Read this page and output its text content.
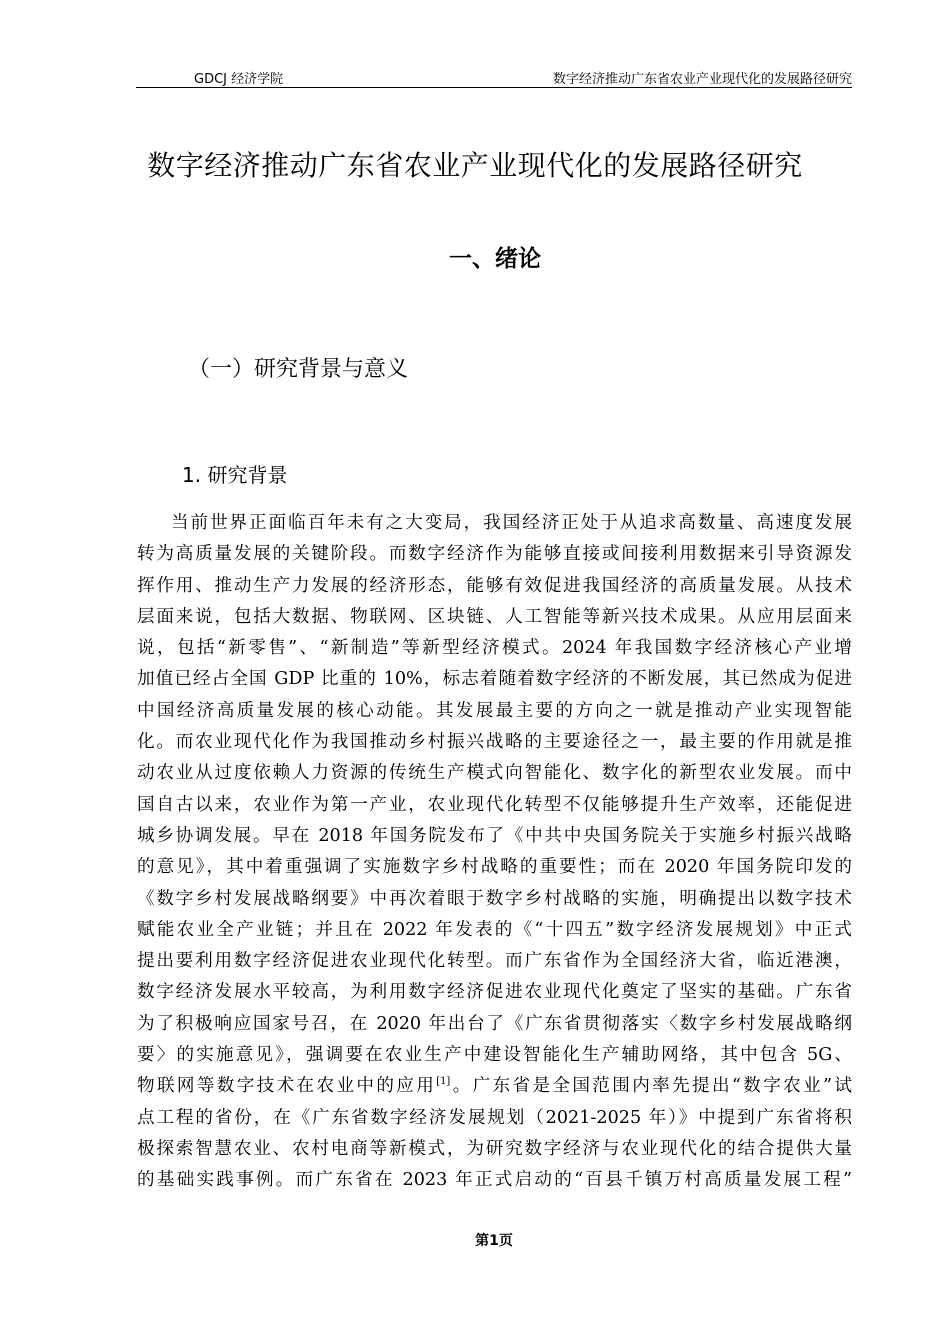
GDCJ 经济学院	数字经济推动广东省农业产业现代化的发展路径研究
数字经济推动广东省农业产业现代化的发展路径研究
一、绪论
（一）研究背景与意义
1. 研究背景
当前世界正面临百年未有之大变局，我国经济正处于从追求高数量、高速度发展
转为高质量发展的关键阶段。而数字经济作为能够直接或间接利用数据来引导资源发
挥作用、推动生产力发展的经济形态，能够有效促进我国经济的高质量发展。从技术
层面来说，包括大数据、物联网、区块链、人工智能等新兴技术成果。从应用层面来
说，包括“新零售”、“新制造”等新型经济模式。2024 年我国数字经济核心产业增
加值已经占全国 GDP 比重的 10%，标志着随着数字经济的不断发展，其已然成为促进
中国经济高质量发展的核心动能。其发展最主要的方向之一就是推动产业实现智能
化。而农业现代化作为我国推动乡村振兴战略的主要途径之一，最主要的作用就是推
动农业从过度依赖人力资源的传统生产模式向智能化、数字化的新型农业发展。而中
国自古以来，农业作为第一产业，农业现代化转型不仅能够提升生产效率，还能促进
城乡协调发展。早在 2018 年国务院发布了《中共中央国务院关于实施乡村振兴战略
的意见》，其中着重强调了实施数字乡村战略的重要性；而在 2020 年国务院印发的
《数字乡村发展战略纲要》中再次着眼于数字乡村战略的实施，明确提出以数字技术
赋能农业全产业链；并且在 2022 年发表的《“十四五”数字经济发展规划》中正式
提出要利用数字经济促进农业现代化转型。而广东省作为全国经济大省，临近港澳，
数字经济发展水平较高，为利用数字经济促进农业现代化奠定了坚实的基础。广东省
为了积极响应国家号召，在 2020 年出台了《广东省贯彻落实〈数字乡村发展战略纲
要〉的实施意见》，强调要在农业生产中建设智能化生产辅助网络，其中包含 5G、
物联网等数字技术在农业中的应用[1]。广东省是全国范围内率先提出“数字农业”试
点工程的省份，在《广东省数字经济发展规划（2021-2025 年）》中提到广东省将积
极探索智慧农业、农村电商等新模式，为研究数字经济与农业现代化的结合提供大量
的基础实践事例。而广东省在 2023 年正式启动的“百县千镇万村高质量发展工程”
第1页
